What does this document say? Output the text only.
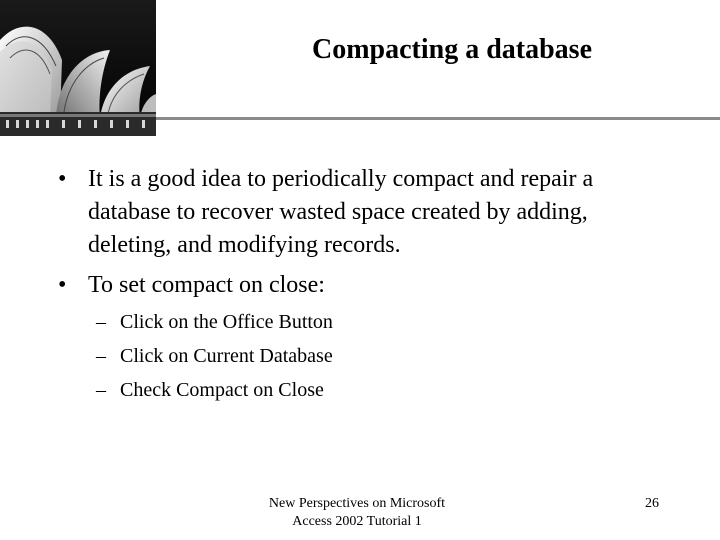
Compacting a database
• It is a good idea to periodically compact and repair a database to recover wasted space created by adding, deleting, and modifying records.
• To set compact on close:
– Click on the Office Button
– Click on Current Database
– Check Compact on Close
New Perspectives on Microsoft
Access 2002 Tutorial 1
26
